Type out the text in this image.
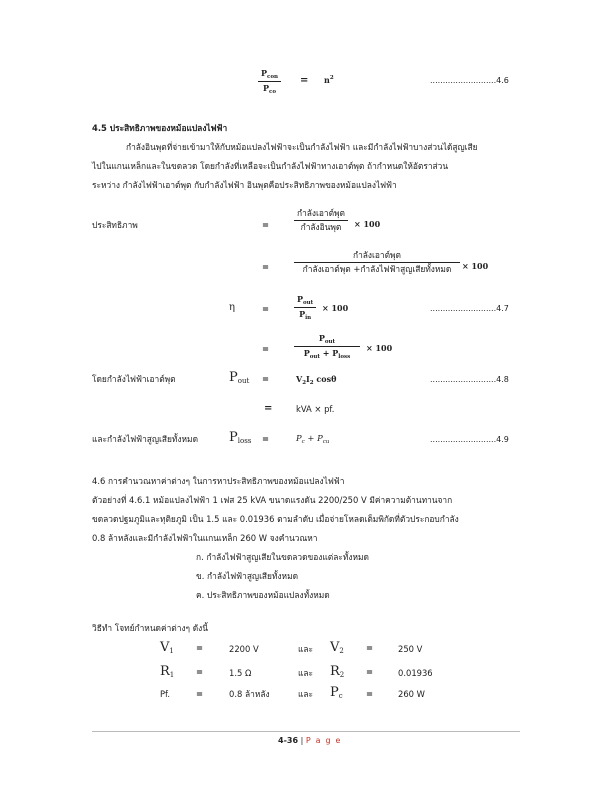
$P_{con}$
$P_{co}$
= $n^2$	..........................4.6
4.5 ประสิทธิภาพของหม้อแปลงไฟฟ้า
กำลังอินพุตที่จ่ายเข้ามาให้กับหม้อแปลงไฟฟ้าจะเป็นกำลังไฟฟ้า และมีกำลังไฟฟ้าบางส่วนได้สูญเสีย
ไปในแกนเหล็กและในขดลวด โดยกำลังที่เหลือจะเป็นกำลังไฟฟ้าทางเอาต์พุต ถ้ากำหนดให้อัตราส่วน
ระหว่าง กำลังไฟฟ้าเอาต์พุต กับกำลังไฟฟ้า อินพุตคือประสิทธิภาพของหม้อแปลงไฟฟ้า
ประสิทธิภาพ	=
กำลังเอาต์พุต
กำลังอินพุต × 100
=
กำลังเอาต์พุต
กำลังเอาต์พุต +กำลังไฟฟ้าสูญเสียทั้งหมด × 100
η	=
$P_{out}$
$P_{in}$
× 100	..........................4.7
=
$P_{out}$
$P_{out} + P_{loss}$
× 100
โดยกำลังไฟฟ้าเอาต์พุต	$P_{out}$ =	$V_2I_2$ cosθ	..........................4.8
=	kVA × pf.
และกำลังไฟฟ้าสูญเสียทั้งหมด $P_{loss}$ =	$P_c + P_{cu}$	..........................4.9
4.6 การคำนวณหาค่าต่างๆ ในการหาประสิทธิภาพของหม้อแปลงไฟฟ้า
ตัวอย่างที่ 4.6.1 หม้อแปลงไฟฟ้า 1 เฟส 25 kVA ขนาดแรงดัน 2200/250 V มีค่าความต้านทานจาก
ขดลวดปฐมภูมิและทุติยภูมิ เป็น 1.5 และ 0.01936 ตามลำดับ เมื่อจ่ายโหลดเต็มพิกัดที่ตัวประกอบกำลัง
0.8 ล้าหลังและมีกำลังไฟฟ้าในแกนเหล็ก 260 W จงคำนวณหา
ก. กำลังไฟฟ้าสูญเสียในขดลวดของแต่ละทั้งหมด
ข. กำลังไฟฟ้าสูญเสียทั้งหมด
ค. ประสิทธิภาพของหม้อแปลงทั้งหมด
วิธีทำ โจทย์กำหนดค่าต่างๆ ดังนี้
$V_1$	=	2200 V	และ $V_2$	=	250 V
$R_1$	=	1.5 Ω	และ $R_2$	=	0.01936
Pf.	=	0.8 ล้าหลัง	และ $P_c$	=	260 W
4-36 | P a g e
